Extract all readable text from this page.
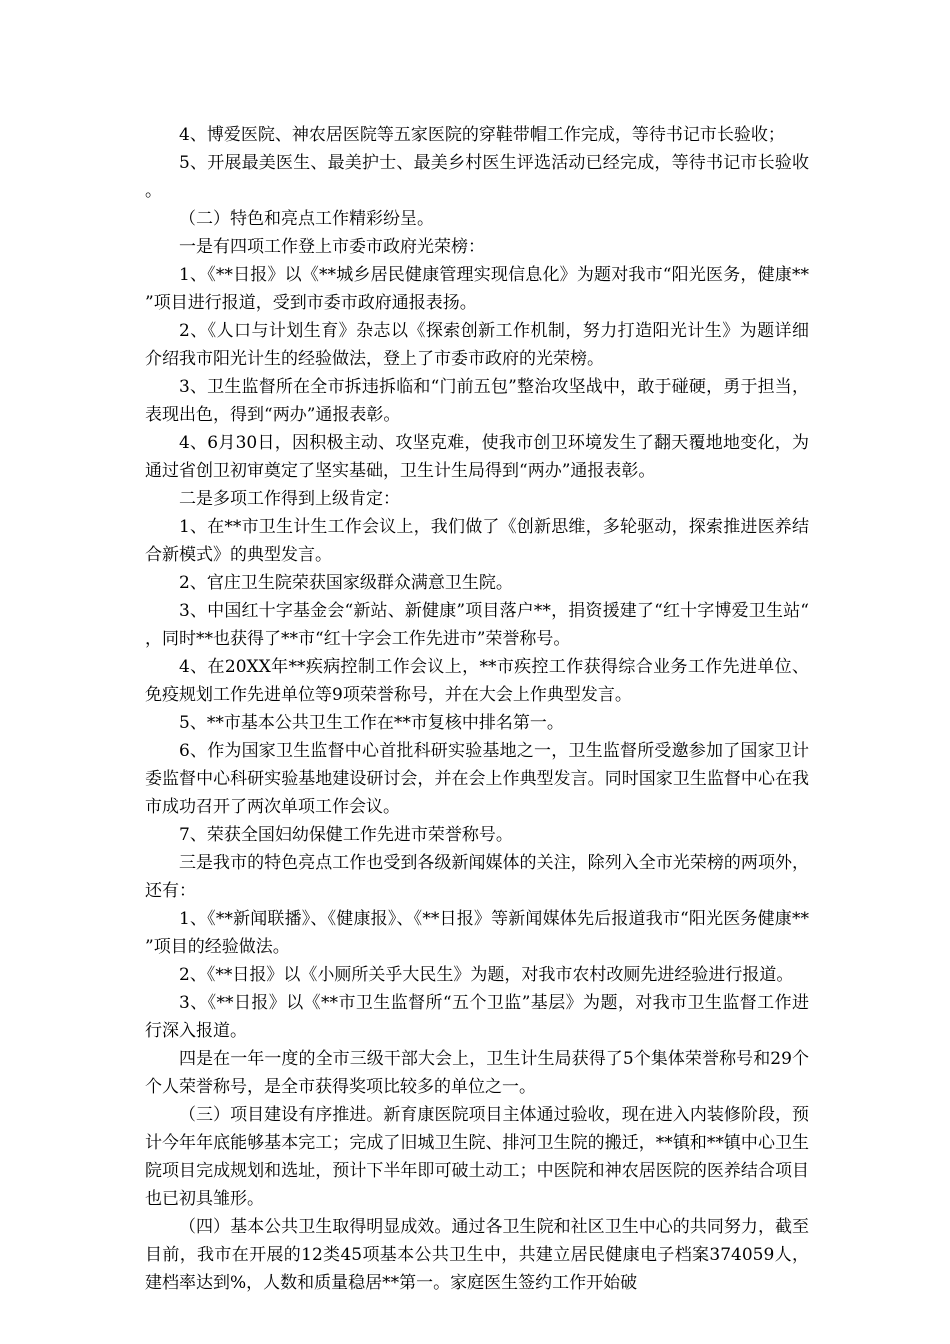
4、博爱医院、神农居医院等五家医院的穿鞋带帽工作完成，等待书记市长验收；

5、开展最美医生、最美护士、最美乡村医生评选活动已经完成，等待书记市长验收。

（二）特色和亮点工作精彩纷呈。

一是有四项工作登上市委市政府光荣榜：

1、《**日报》以《**城乡居民健康管理实现信息化》为题对我市“阳光医务，健康**”项目进行报道，受到市委市政府通报表扬。

2、《人口与计划生育》杂志以《探索创新工作机制，努力打造阳光计生》为题详细介绍我市阳光计生的经验做法，登上了市委市政府的光荣榜。

3、卫生监督所在全市拆违拆临和“门前五包”整治攻坚战中，敢于碰硬，勇于担当，表现出色，得到“两办”通报表彰。

4、6月30日，因积极主动、攻坚克难，使我市创卫环境发生了翻天覆地地变化，为通过省创卫初审奠定了坚实基础，卫生计生局得到“两办”通报表彰。

二是多项工作得到上级肯定：

1、在**市卫生计生工作会议上，我们做了《创新思维，多轮驱动，探索推进医养结合新模式》的典型发言。

2、官庄卫生院荣获国家级群众满意卫生院。

3、中国红十字基金会“新站、新健康”项目落户**，捐资援建了“红十字博爱卫生站“，同时**也获得了**市“红十字会工作先进市”荣誉称号。

4、在20XX年**疾病控制工作会议上，**市疾控工作获得综合业务工作先进单位、免疫规划工作先进单位等9项荣誉称号，并在大会上作典型发言。

5、**市基本公共卫生工作在**市复核中排名第一。

6、作为国家卫生监督中心首批科研实验基地之一，卫生监督所受邀参加了国家卫计委监督中心科研实验基地建设研讨会，并在会上作典型发言。同时国家卫生监督中心在我市成功召开了两次单项工作会议。

7、荣获全国妇幼保健工作先进市荣誉称号。

三是我市的特色亮点工作也受到各级新闻媒体的关注，除列入全市光荣榜的两项外，还有：

1、《**新闻联播》、《健康报》、《**日报》等新闻媒体先后报道我市“阳光医务健康**”项目的经验做法。

2、《**日报》以《小厕所关乎大民生》为题，对我市农村改厕先进经验进行报道。

3、《**日报》以《**市卫生监督所“五个卫监”基层》为题，对我市卫生监督工作进行深入报道。

四是在一年一度的全市三级干部大会上，卫生计生局获得了5个集体荣誉称号和29个个人荣誉称号，是全市获得奖项比较多的单位之一。

（三）项目建设有序推进。新育康医院项目主体通过验收，现在进入内装修阶段，预计今年年底能够基本完工；完成了旧城卫生院、排河卫生院的搬迁，**镇和**镇中心卫生院项目完成规划和选址，预计下半年即可破土动工；中医院和神农居医院的医养结合项目也已初具雏形。

（四）基本公共卫生取得明显成效。通过各卫生院和社区卫生中心的共同努力，截至目前，我市在开展的12类45项基本公共卫生中，共建立居民健康电子档案374059人，建档率达到%，人数和质量稳居**第一。家庭医生签约工作开始破
